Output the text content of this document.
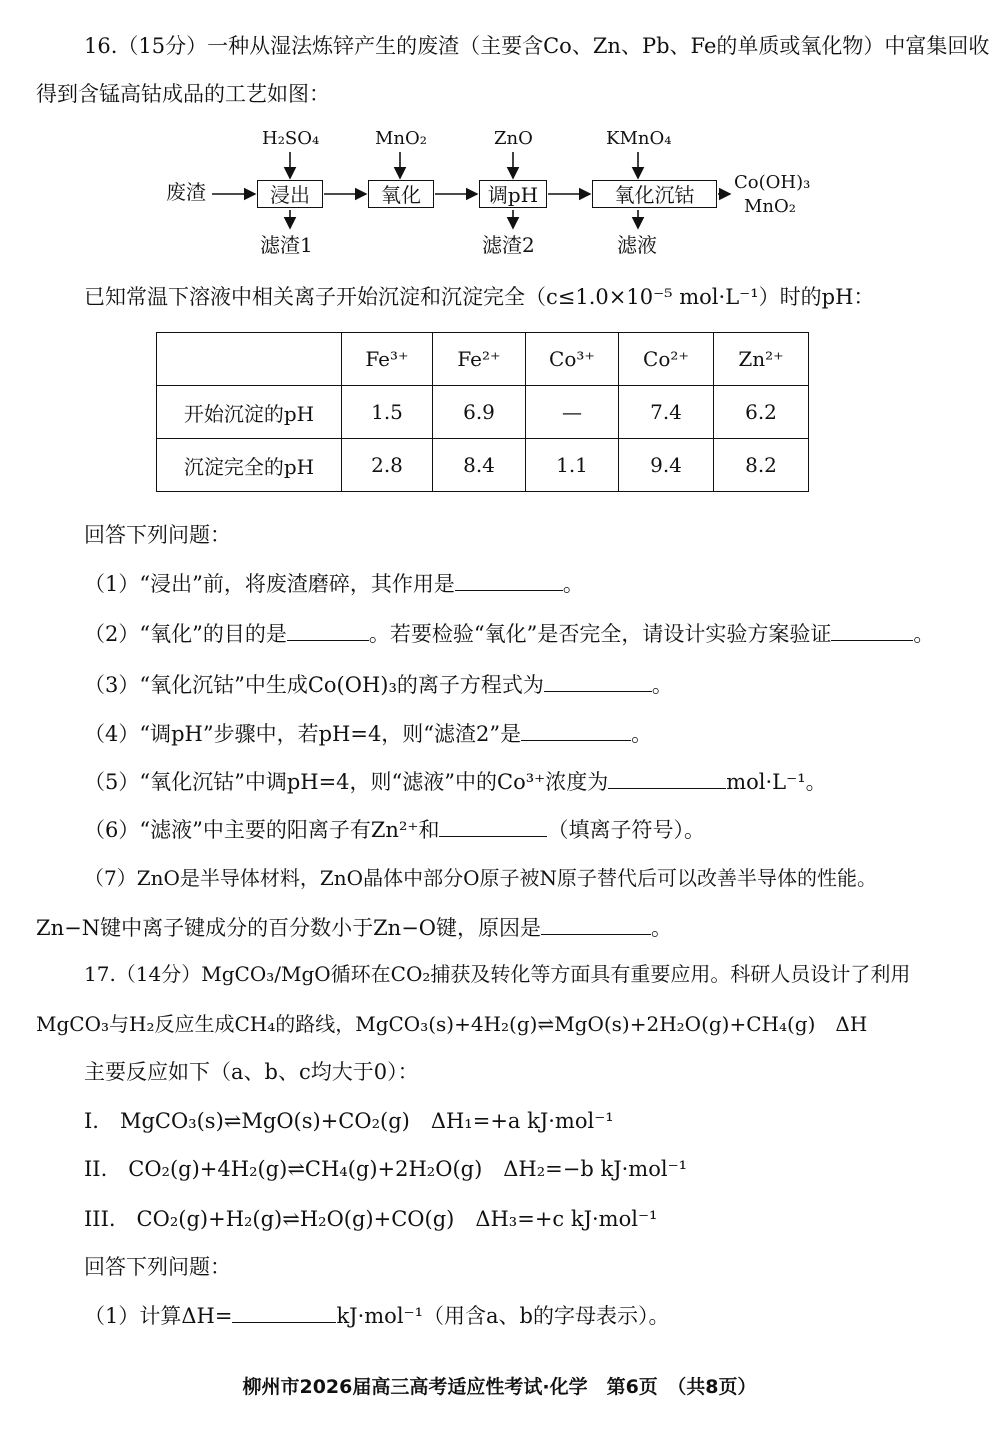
16.（15分）一种从湿法炼锌产生的废渣（主要含Co、Zn、Pb、Fe的单质或氧化物）中富集回收
得到含锰高钴成品的工艺如图：
废渣	浸出	氧化	调pH	氧化沉钴
H₂SO₄	MnO₂	ZnO	KMnO₄
滤渣1	滤渣2	滤液
Co(OH)₃
MnO₂
已知常温下溶液中相关离子开始沉淀和沉淀完全（c≤1.0×10⁻⁵ mol·L⁻¹）时的pH：
	Fe³⁺	Fe²⁺	Co³⁺	Co²⁺	Zn²⁺
开始沉淀的pH	1.5	6.9	—	7.4	6.2
沉淀完全的pH	2.8	8.4	1.1	9.4	8.2
回答下列问题：
（1）“浸出”前，将废渣磨碎，其作用是	。
（2）“氧化”的目的是	。若要检验“氧化”是否完全，请设计实验方案验证	。
（3）“氧化沉钴”中生成Co(OH)₃的离子方程式为	。
（4）“调pH”步骤中，若pH=4，则“滤渣2”是	。
（5）“氧化沉钴”中调pH=4，则“滤液”中的Co³⁺浓度为	mol·L⁻¹。
（6）“滤液”中主要的阳离子有Zn²⁺和	（填离子符号）。
（7）ZnO是半导体材料，ZnO晶体中部分O原子被N原子替代后可以改善半导体的性能。
Zn−N键中离子键成分的百分数小于Zn−O键，原因是	。
17.（14分）MgCO₃/MgO循环在CO₂捕获及转化等方面具有重要应用。科研人员设计了利用
MgCO₃与H₂反应生成CH₄的路线，MgCO₃(s)+4H₂(g)⇌MgO(s)+2H₂O(g)+CH₄(g)　ΔH
主要反应如下（a、b、c均大于0）：
I.　MgCO₃(s)⇌MgO(s)+CO₂(g)　ΔH₁=+a kJ·mol⁻¹
II.　CO₂(g)+4H₂(g)⇌CH₄(g)+2H₂O(g)　ΔH₂=−b kJ·mol⁻¹
III.　CO₂(g)+H₂(g)⇌H₂O(g)+CO(g)　ΔH₃=+c kJ·mol⁻¹
回答下列问题：
（1）计算ΔH=	kJ·mol⁻¹（用含a、b的字母表示）。
柳州市2026届高三高考适应性考试·化学　第6页　（共8页）
